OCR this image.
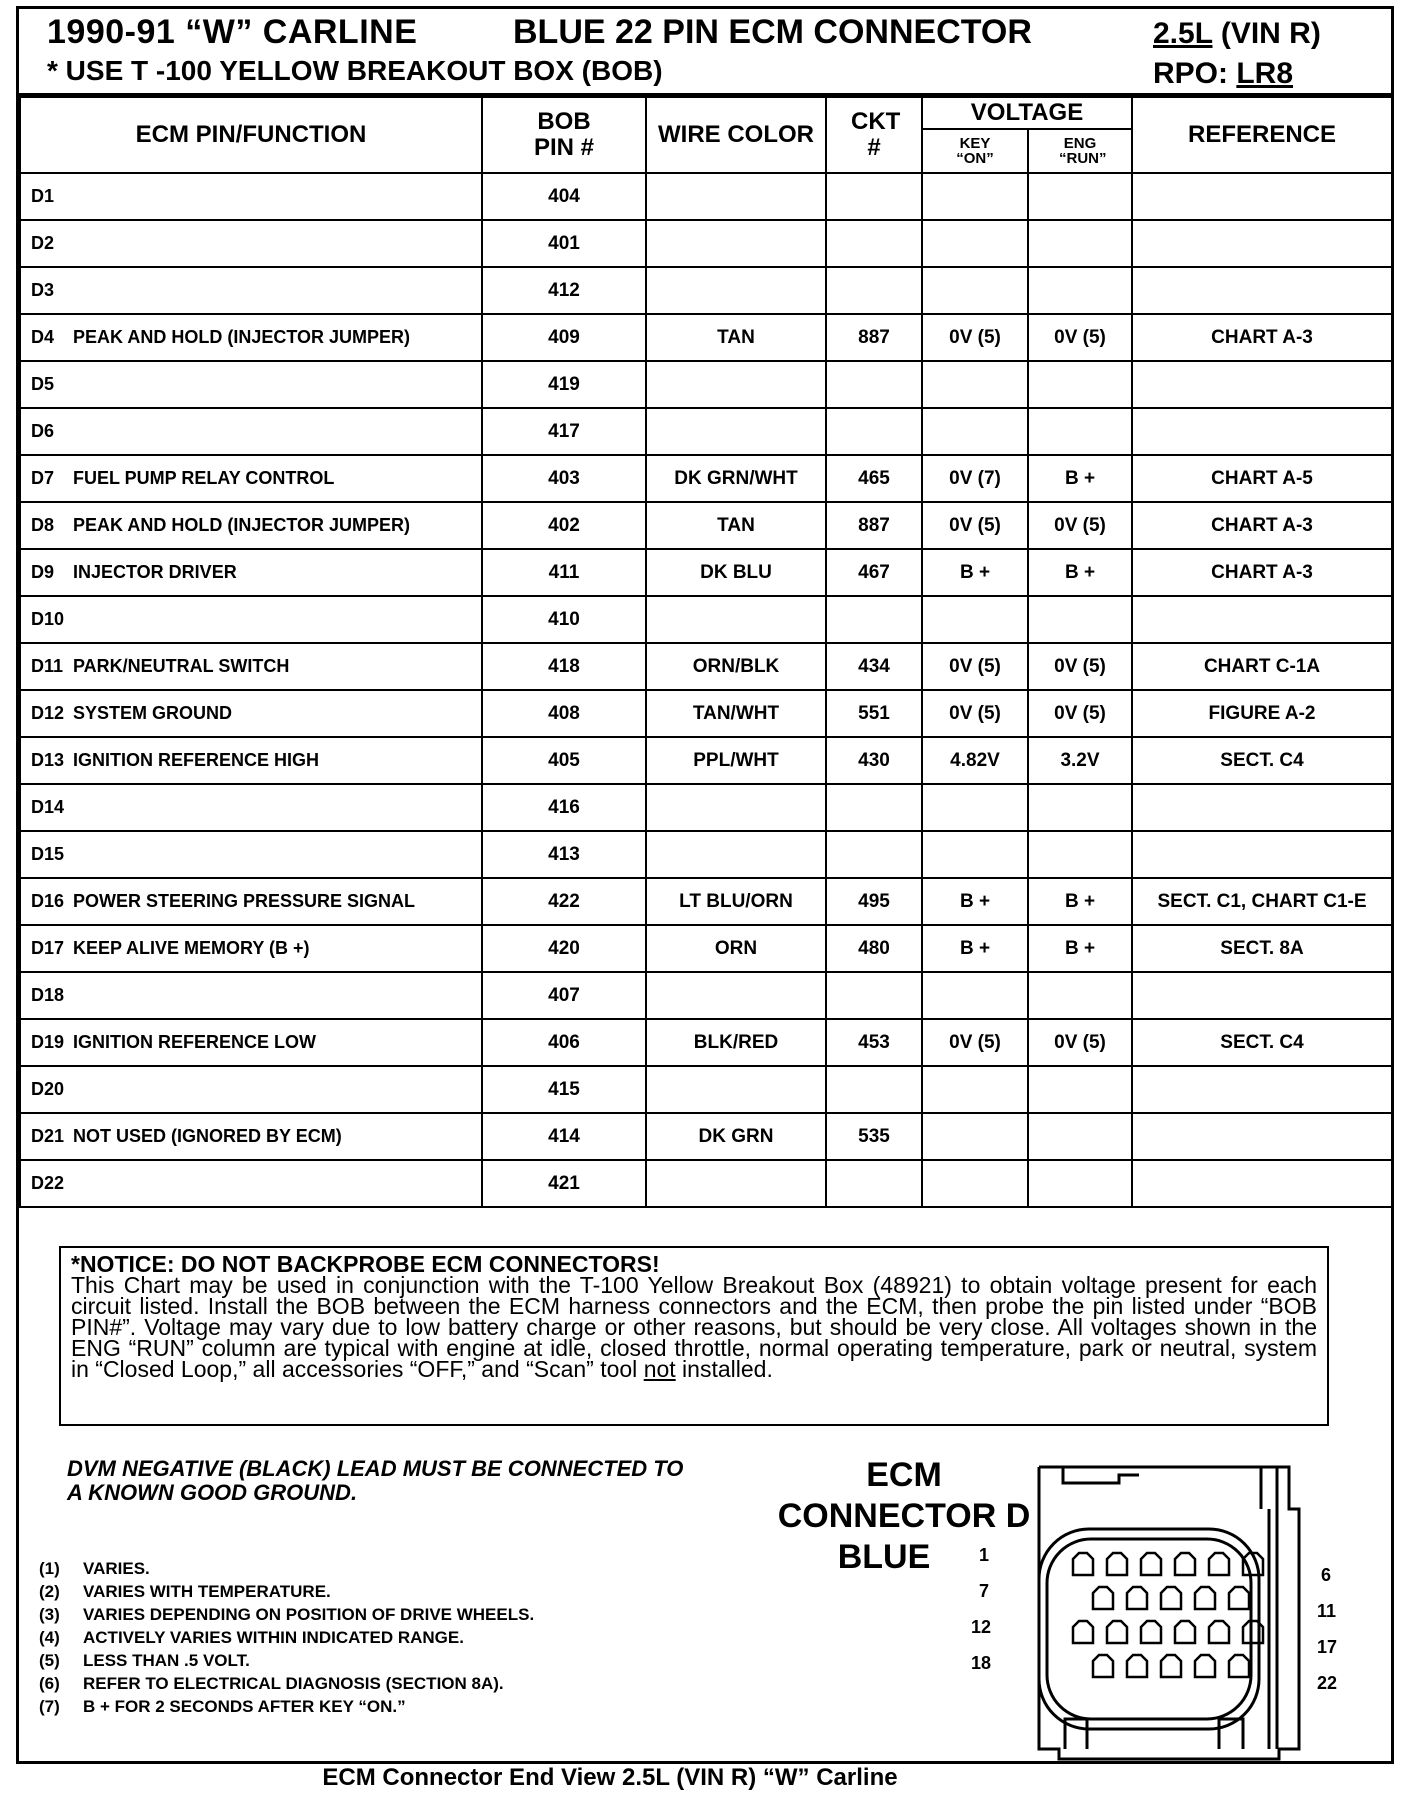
1990-91 “W” CARLINE	BLUE 22 PIN ECM CONNECTOR	2.5L (VIN R)
* USE T -100 YELLOW BREAKOUT BOX (BOB)	RPO: LR8
ECM PIN/FUNCTION	BOB PIN #	WIRE COLOR	CKT #	VOLTAGE		REFERENCE
				KEY “ON”	ENG “RUN”	
D1	404					
D2	401					
D3	412					
D4 PEAK AND HOLD (INJECTOR JUMPER)	409	TAN	887	0V (5)	0V (5)	CHART A-3
D5	419					
D6	417					
D7 FUEL PUMP RELAY CONTROL	403	DK GRN/WHT	465	0V (7)	B +	CHART A-5
D8 PEAK AND HOLD (INJECTOR JUMPER)	402	TAN	887	0V (5)	0V (5)	CHART A-3
D9 INJECTOR DRIVER	411	DK BLU	467	B +	B +	CHART A-3
D10	410					
D11 PARK/NEUTRAL SWITCH	418	ORN/BLK	434	0V (5)	0V (5)	CHART C-1A
D12 SYSTEM GROUND	408	TAN/WHT	551	0V (5)	0V (5)	FIGURE A-2
D13 IGNITION REFERENCE HIGH	405	PPL/WHT	430	4.82V	3.2V	SECT. C4
D14	416					
D15	413					
D16 POWER STEERING PRESSURE SIGNAL	422	LT BLU/ORN	495	B +	B +	SECT. C1, CHART C1-E
D17 KEEP ALIVE MEMORY (B +)	420	ORN	480	B +	B +	SECT. 8A
D18	407					
D19 IGNITION REFERENCE LOW	406	BLK/RED	453	0V (5)	0V (5)	SECT. C4
D20	415					
D21 NOT USED (IGNORED BY ECM)	414	DK GRN	535			
D22	421					
*NOTICE: DO NOT BACKPROBE ECM CONNECTORS!
This Chart may be used in conjunction with the T-100 Yellow Breakout Box (48921) to obtain voltage present for each circuit listed. Install the BOB between the ECM harness connectors and the ECM, then probe the pin listed under “BOB PIN#”. Voltage may vary due to low battery charge or other reasons, but should be very close. All voltages shown in the ENG “RUN” column are typical with engine at idle, closed throttle, normal operating temperature, park or neutral, system in “Closed Loop,” all accessories “OFF,” and “Scan” tool not installed.
DVM NEGATIVE (BLACK) LEAD MUST BE CONNECTED TO A KNOWN GOOD GROUND.
(1)	VARIES.
(2)	VARIES WITH TEMPERATURE.
(3)	VARIES DEPENDING ON POSITION OF DRIVE WHEELS.
(4)	ACTIVELY VARIES WITHIN INDICATED RANGE.
(5)	LESS THAN .5 VOLT.
(6)	REFER TO ELECTRICAL DIAGNOSIS (SECTION 8A).
(7)	B + FOR 2 SECONDS AFTER KEY “ON.”
ECM
CONNECTOR D
BLUE	1
7
12
18
6
11
17
22
ECM Connector End View 2.5L (VIN R) “W” Carline
